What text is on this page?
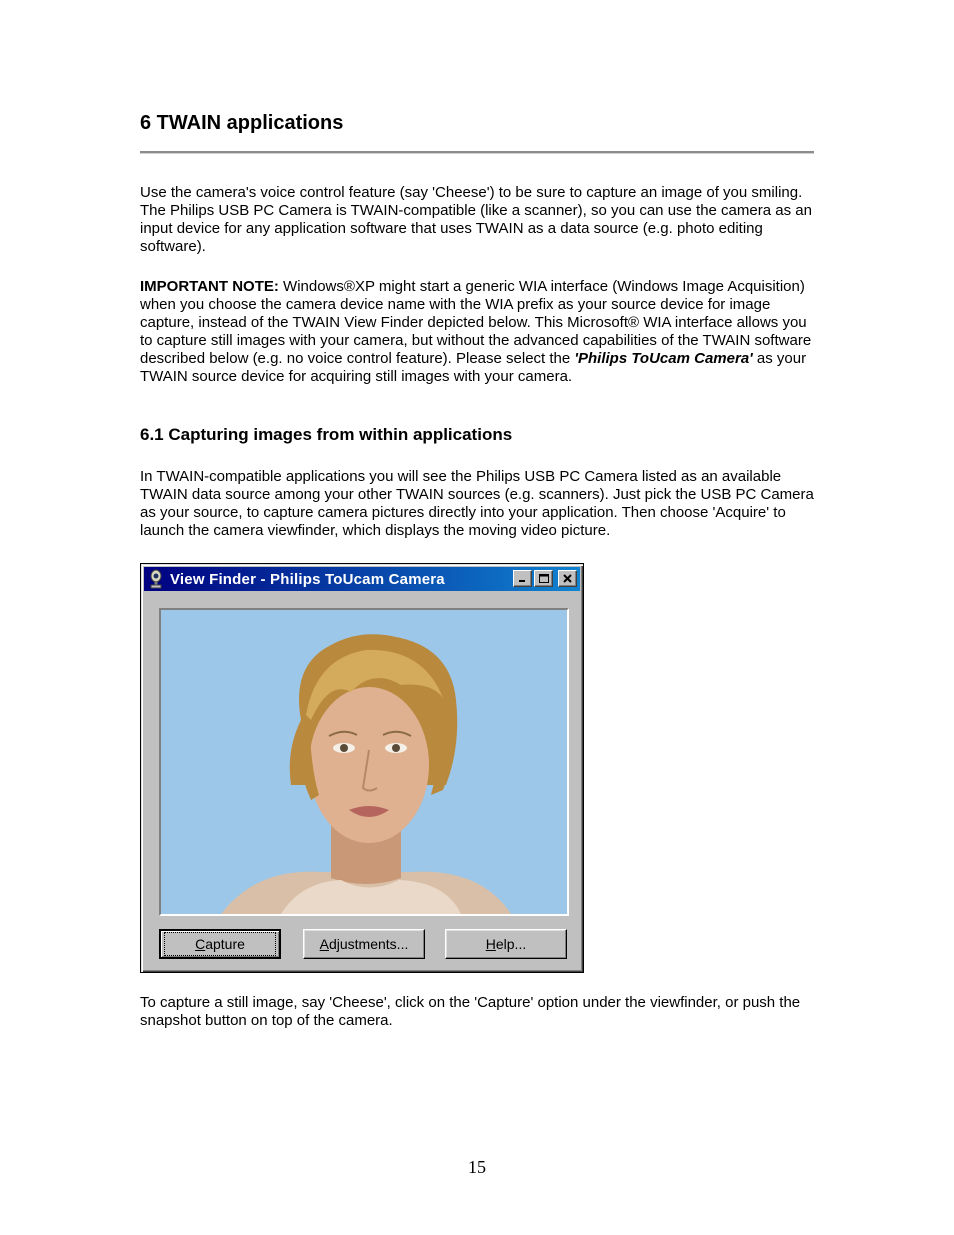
6 TWAIN applications

Use the camera's voice control feature (say 'Cheese') to be sure to capture an image of you smiling. The Philips USB PC Camera is TWAIN-compatible (like a scanner), so you can use the camera as an input device for any application software that uses TWAIN as a data source (e.g. photo editing software).

IMPORTANT NOTE: Windows®XP might start a generic WIA interface (Windows Image Acquisition) when you choose the camera device name with the WIA prefix as your source device for image capture, instead of the TWAIN View Finder depicted below. This Microsoft® WIA interface allows you to capture still images with your camera, but without the advanced capabilities of the TWAIN software described below (e.g. no voice control feature). Please select the 'Philips ToUcam Camera' as your TWAIN source device for acquiring still images with your camera.

6.1 Capturing images from within applications

In TWAIN-compatible applications you will see the Philips USB PC Camera listed as an available TWAIN data source among your other TWAIN sources (e.g. scanners). Just pick the USB PC Camera as your source, to capture camera pictures directly into your application. Then choose 'Acquire' to launch the camera viewfinder, which displays the moving video picture.

View Finder - Philips ToUcam Camera
Capture	Adjustments...	Help...

To capture a still image, say 'Cheese', click on the 'Capture' option under the viewfinder, or push the snapshot button on top of the camera.

15
